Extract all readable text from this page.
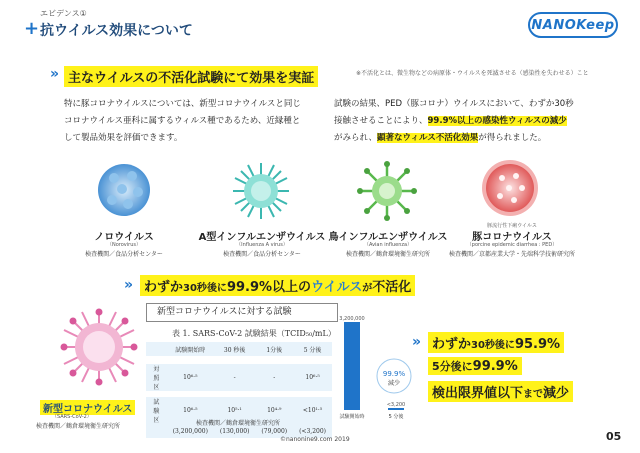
エビデンス①
+ 抗ウイルス効果について	NANOKeep
» 主なウイルスの不活化試験にて効果を実証	※不活化とは、微生物などの病原体・ウイルスを死滅させる（感染性を失わせる）こと
特に豚コロナウイルスについては、新型コロナウイルスと同じ
コロナウイルス亜科に属するウィルス種であるため、近縁種と
して製品効果を評価できます。
試験の結果、PED（豚コロナ）ウイルスにおいて、わずか30秒
接触させることにより、99.9%以上の感染性ウィルスの減少
がみられ、顕著なウィルス不活化効果が得られました。
ノロウイルス
（Norovirus）
検査機関／食品分析センター
A型インフルエンザウイルス
（Influenza A virus）
検査機関／食品分析センター
鳥インフルエンザウイルス
（Avian influenza）
検査機関／鶴倉環境衛生研究所
豚流行性下痢ウイルス
豚コロナウイルス
（porcine epidemic diarrhea : PED）
検査機関／京都産業大学・先端科学技術研究所
» わずか30秒後に99.9%以上のウイルスが不活化
新型コロナウイルス
（SARS-CoV-2）
検査機関／鶴倉環境衛生研究所
新型コロナウイルスに対する試験
表 1. SARS-CoV-2 試験結果（TCID₅₀/mL）
	試験開始時	30 秒後	1分後	5 分後

対照区	10⁶·⁵	-	-	10⁶·⁵

試験区	10⁶·⁵	10⁵·¹	10⁴·⁹	<10¹·⁵
	(3,200,000)	(130,000)	(79,000)	(<3,200)
検査機関／鶴倉環境衛生研究所
3,200,000
試験開始時
<3,200
5 分後
99.9%
減少
» わずか30秒後に95.9%
5分後に99.9%
検出限界値以下まで減少
©nanonine9.com 2019	05
